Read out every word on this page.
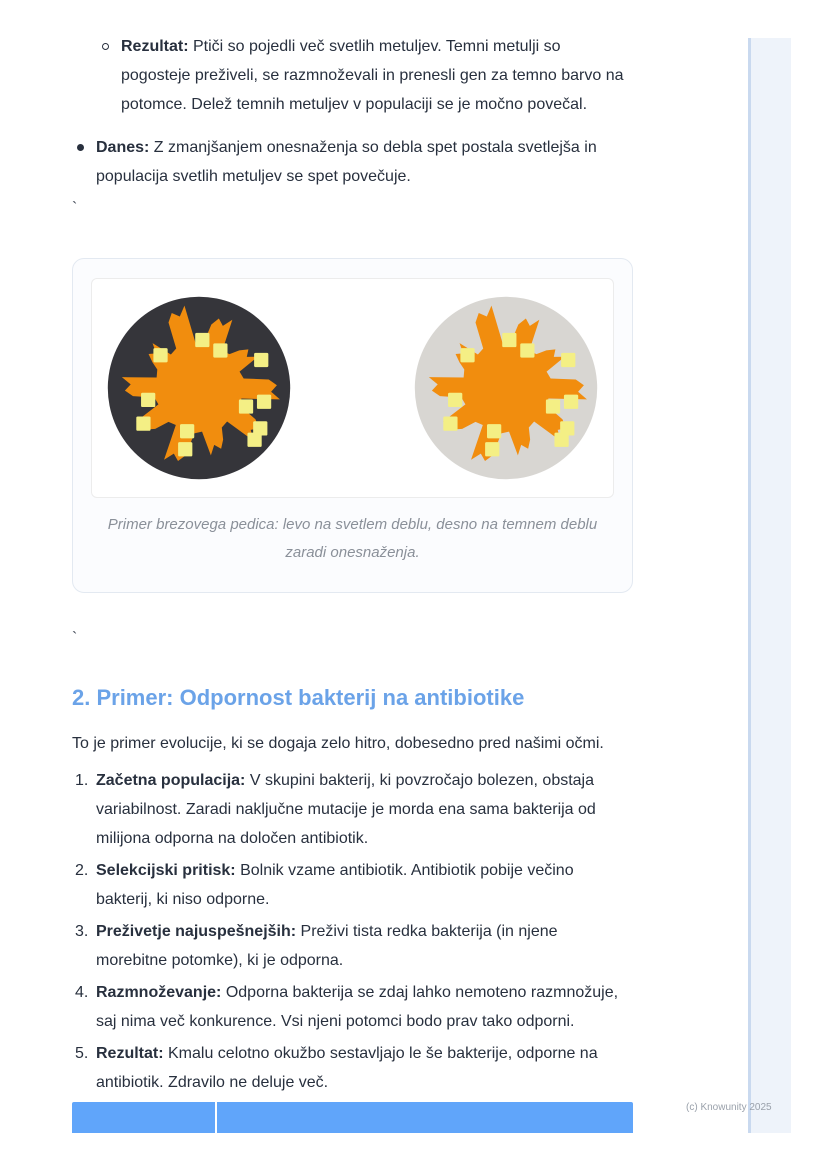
Rezultat: Ptiči so pojedli več svetlih metuljev. Temni metulji so pogosteje preživeli, se razmnoževali in prenesli gen za temno barvo na potomce. Delež temnih metuljev v populaciji se je močno povečal.
Danes: Z zmanjšanjem onesnaženja so debla spet postala svetlejša in populacija svetlih metuljev se spet povečuje.
`
Primer brezovega pedica: levo na svetlem deblu, desno na temnem deblu zaradi onesnaženja.
`
2. Primer: Odpornost bakterij na antibiotike

To je primer evolucije, ki se dogaja zelo hitro, dobesedno pred našimi očmi.

1. Začetna populacija: V skupini bakterij, ki povzročajo bolezen, obstaja variabilnost. Zaradi naključne mutacije je morda ena sama bakterija od milijona odporna na določen antibiotik.
2. Selekcijski pritisk: Bolnik vzame antibiotik. Antibiotik pobije večino bakterij, ki niso odporne.
3. Preživetje najuspešnejših: Preživi tista redka bakterija (in njene morebitne potomke), ki je odporna.
4. Razmnoževanje: Odporna bakterija se zdaj lahko nemoteno razmnožuje, saj nima več konkurence. Vsi njeni potomci bodo prav tako odporni.
5. Rezultat: Kmalu celotno okužbo sestavljajo le še bakterije, odporne na antibiotik. Zdravilo ne deluje več.
(c) Knowunity 2025
